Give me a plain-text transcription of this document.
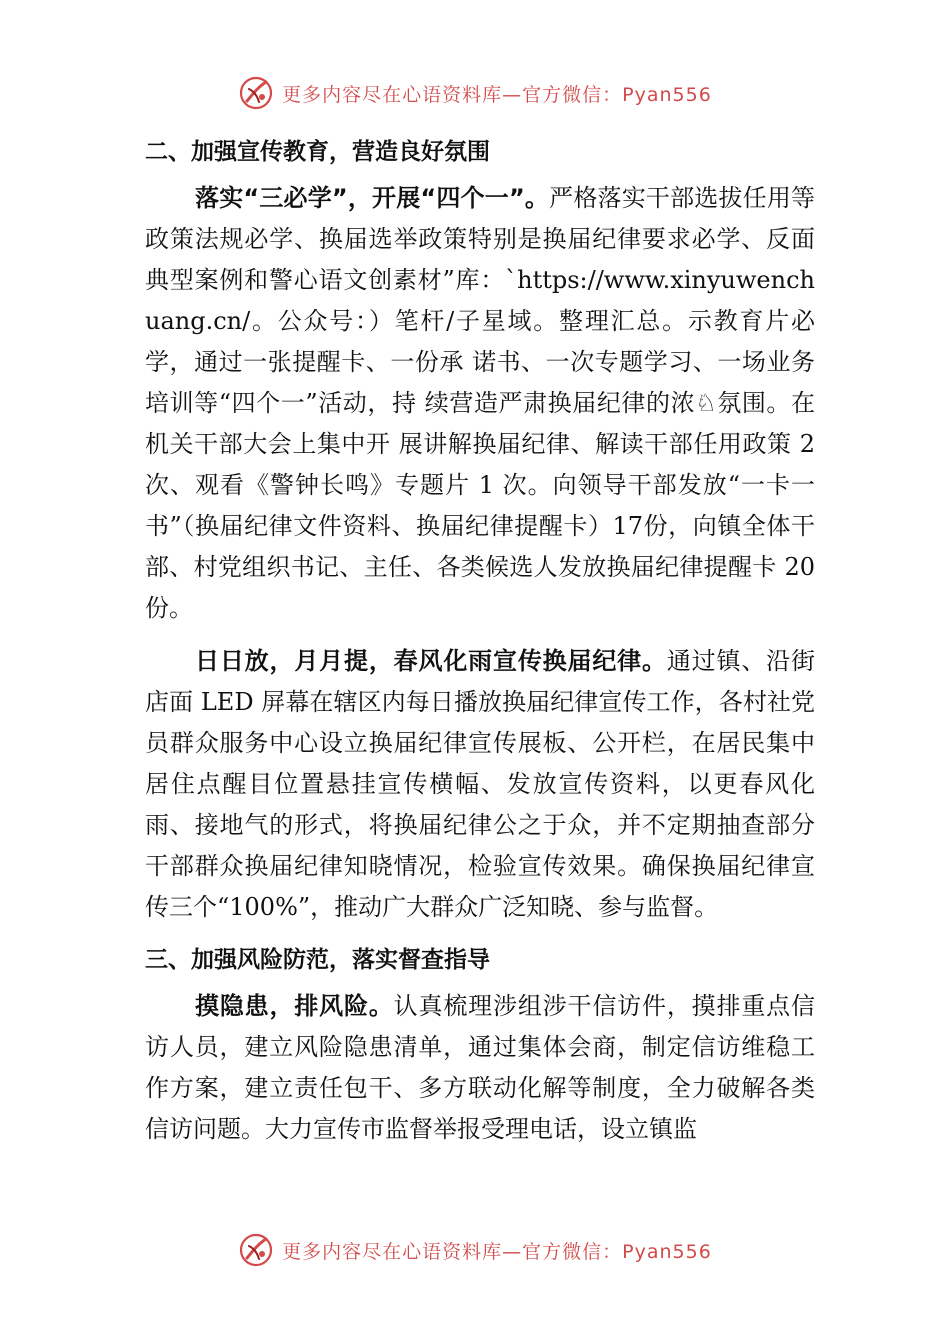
更多内容尽在心语资料库—官方微信：Pyan556
二、加强宣传教育，营造良好氛围

落实“三必学”，开展“四个一”。严格落实干部选拔任用等政策法规必学、换届选举政策特别是换届纪律要求必学、反面典型案例和警心语文创素材”库：`https://www.xinyuwenchuang.cn/。公众号：）笔杆/子星域。整理汇总。示教育片必学，通过一张提醒卡、一份承 诺书、一次专题学习、一场业务培训等“四个一”活动，持 续营造严肃换届纪律的浓♘氛围。在机关干部大会上集中开 展讲解换届纪律、解读干部任用政策 2 次、观看《警钟长鸣》专题片 1 次。向领导干部发放“一卡一书”（换届纪律文件资料、换届纪律提醒卡）17份，向镇全体干部、村党组织书记、主任、各类候选人发放换届纪律提醒卡 20份。

日日放，月月提，春风化雨宣传换届纪律。通过镇、沿街店面 LED 屏幕在辖区内每日播放换届纪律宣传工作，各村社党员群众服务中心设立换届纪律宣传展板、公开栏，在居民集中居住点醒目位置悬挂宣传横幅、发放宣传资料，以更春风化雨、接地气的形式，将换届纪律公之于众，并不定期抽查部分干部群众换届纪律知晓情况，检验宣传效果。确保换届纪律宣传三个“100%”，推动广大群众广泛知晓、参与监督。

三、加强风险防范，落实督查指导

摸隐患，排风险。认真梳理涉组涉干信访件，摸排重点信访人员，建立风险隐患清单，通过集体会商，制定信访维稳工作方案，建立责任包干、多方联动化解等制度，全力破解各类信访问题。大力宣传市监督举报受理电话，设立镇监

更多内容尽在心语资料库—官方微信：Pyan556
